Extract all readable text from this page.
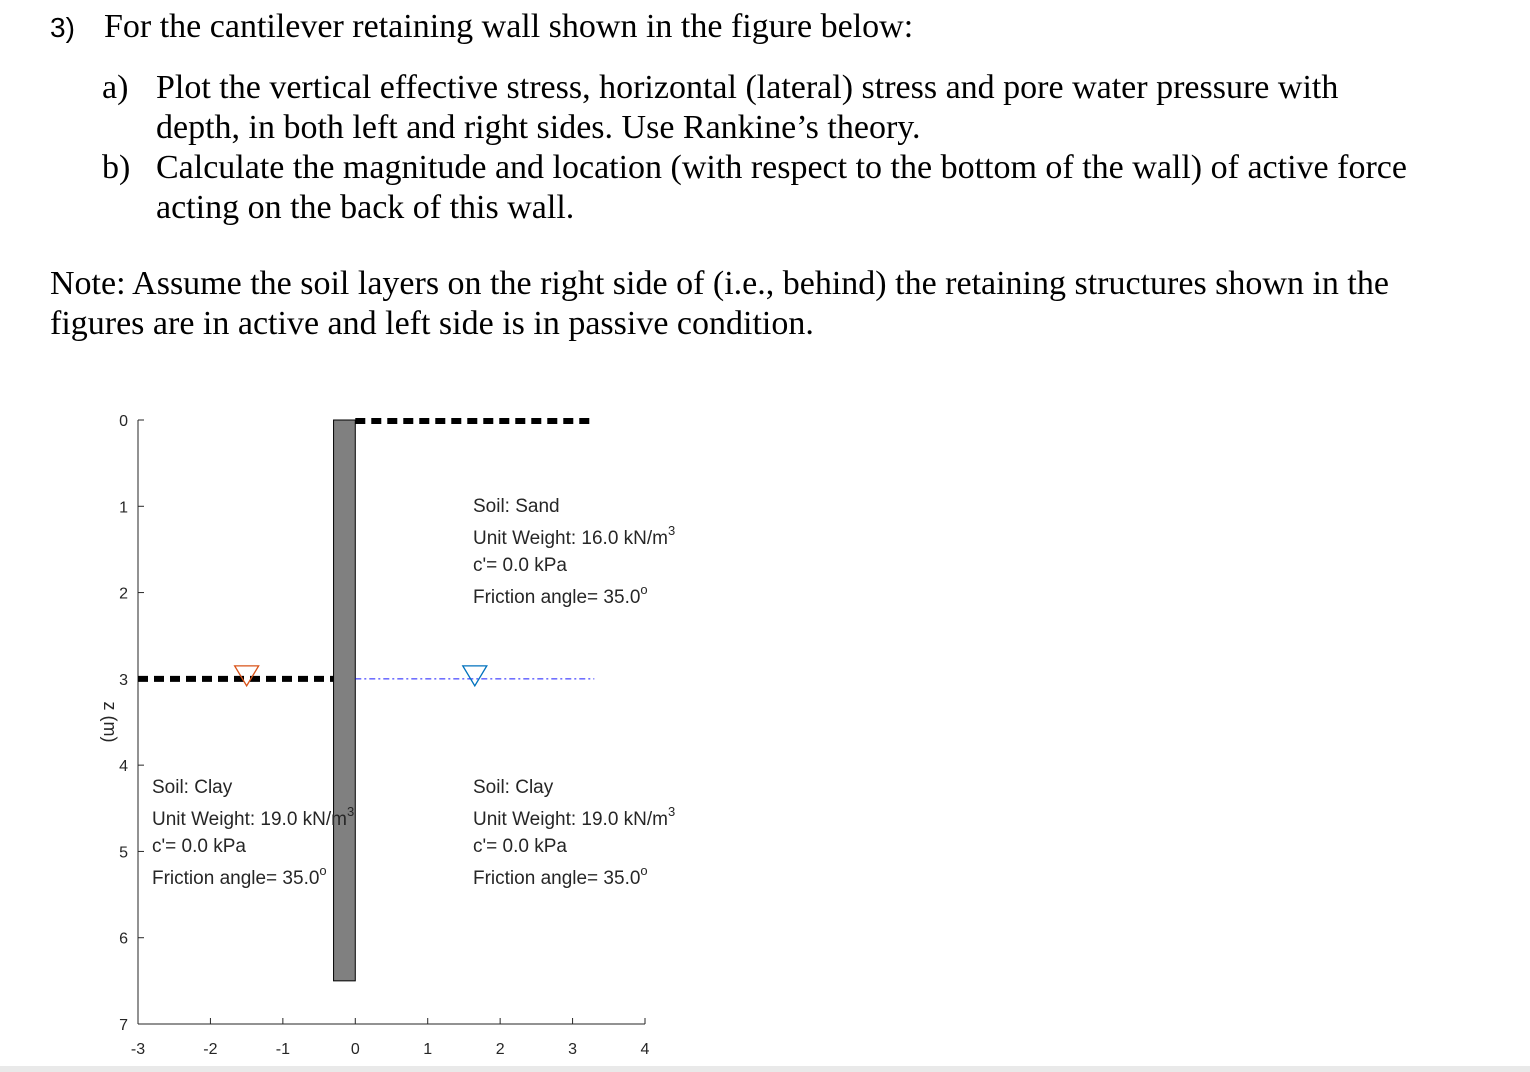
3) For the cantilever retaining wall shown in the figure below:
a) Plot the vertical effective stress, horizontal (lateral) stress and pore water pressure with
depth, in both left and right sides. Use Rankine’s theory.
b) Calculate the magnitude and location (with respect to the bottom of the wall) of active force
acting on the back of this wall.
Note: Assume the soil layers on the right side of (i.e., behind) the retaining structures shown in the
figures are in active and left side is in passive condition.
0
1
2
3
4
5
6
7
-3	-2	-1	0	1	2	3	4
z (m)
Soil: Sand
Unit Weight: 16.0 $kN/m^3$
c'= 0.0 kPa
Friction angle= $35.0^o$
Soil: Clay
Unit Weight: 19.0 $kN/m^3$
c'= 0.0 kPa
Friction angle= $35.0^o$
Soil: Clay
Unit Weight: 19.0 $kN/m^3$
c'= 0.0 kPa
Friction angle= $35.0^o$
